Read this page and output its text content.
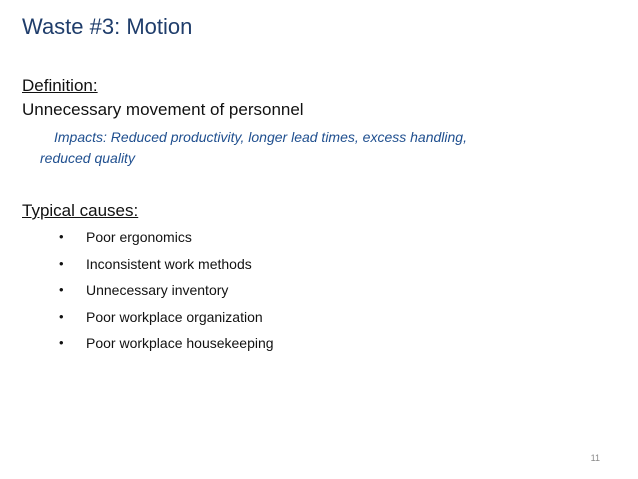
Waste #3: Motion
Definition:
Unnecessary movement of personnel
Impacts: Reduced productivity, longer lead times, excess handling,
reduced quality
Typical causes:
• Poor ergonomics
• Inconsistent work methods
• Unnecessary inventory
• Poor workplace organization
• Poor workplace housekeeping
11
